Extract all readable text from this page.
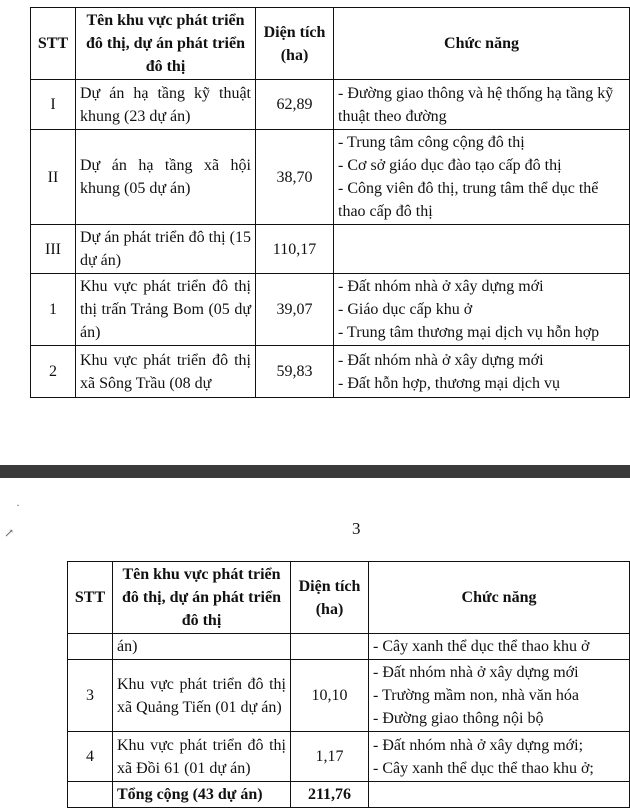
STT	Tên khu vực phát triển đô thị, dự án phát triển đô thị	Diện tích (ha)	Chức năng
I	Dự án hạ tầng kỹ thuật khung (23 dự án)	62,89	- Đường giao thông và hệ thống hạ tầng kỹ thuật theo đường

II	Dự án hạ tầng xã hội khung (05 dự án)	38,70	- Trung tâm công cộng đô thị
- Cơ sở giáo dục đào tạo cấp đô thị
- Công viên đô thị, trung tâm thể dục thể thao cấp đô thị

III	Dự án phát triển đô thị (15 dự án)	110,17	
1	Khu vực phát triển đô thị thị trấn Trảng Bom (05 dự án)	39,07	- Đất nhóm nhà ở xây dựng mới
- Giáo dục cấp khu ở
- Trung tâm thương mại dịch vụ hỗn hợp

2	Khu vực phát triển đô thị xã Sông Trầu (08 dự	59,83	- Đất nhóm nhà ở xây dựng mới
- Đất hỗn hợp, thương mại dịch vụ
·
↗	3
STT	Tên khu vực phát triển đô thị, dự án phát triển đô thị	Diện tích (ha)	Chức năng
	án)		- Cây xanh thể dục thể thao khu ở

3	Khu vực phát triển đô thị xã Quảng Tiến (01 dự án)	10,10	- Đất nhóm nhà ở xây dựng mới
- Trường mầm non, nhà văn hóa
- Đường giao thông nội bộ

4	Khu vực phát triển đô thị xã Đồi 61 (01 dự án)	1,17	- Đất nhóm nhà ở xây dựng mới;
- Cây xanh thể dục thể thao khu ở;

	Tổng cộng (43 dự án)	211,76	
